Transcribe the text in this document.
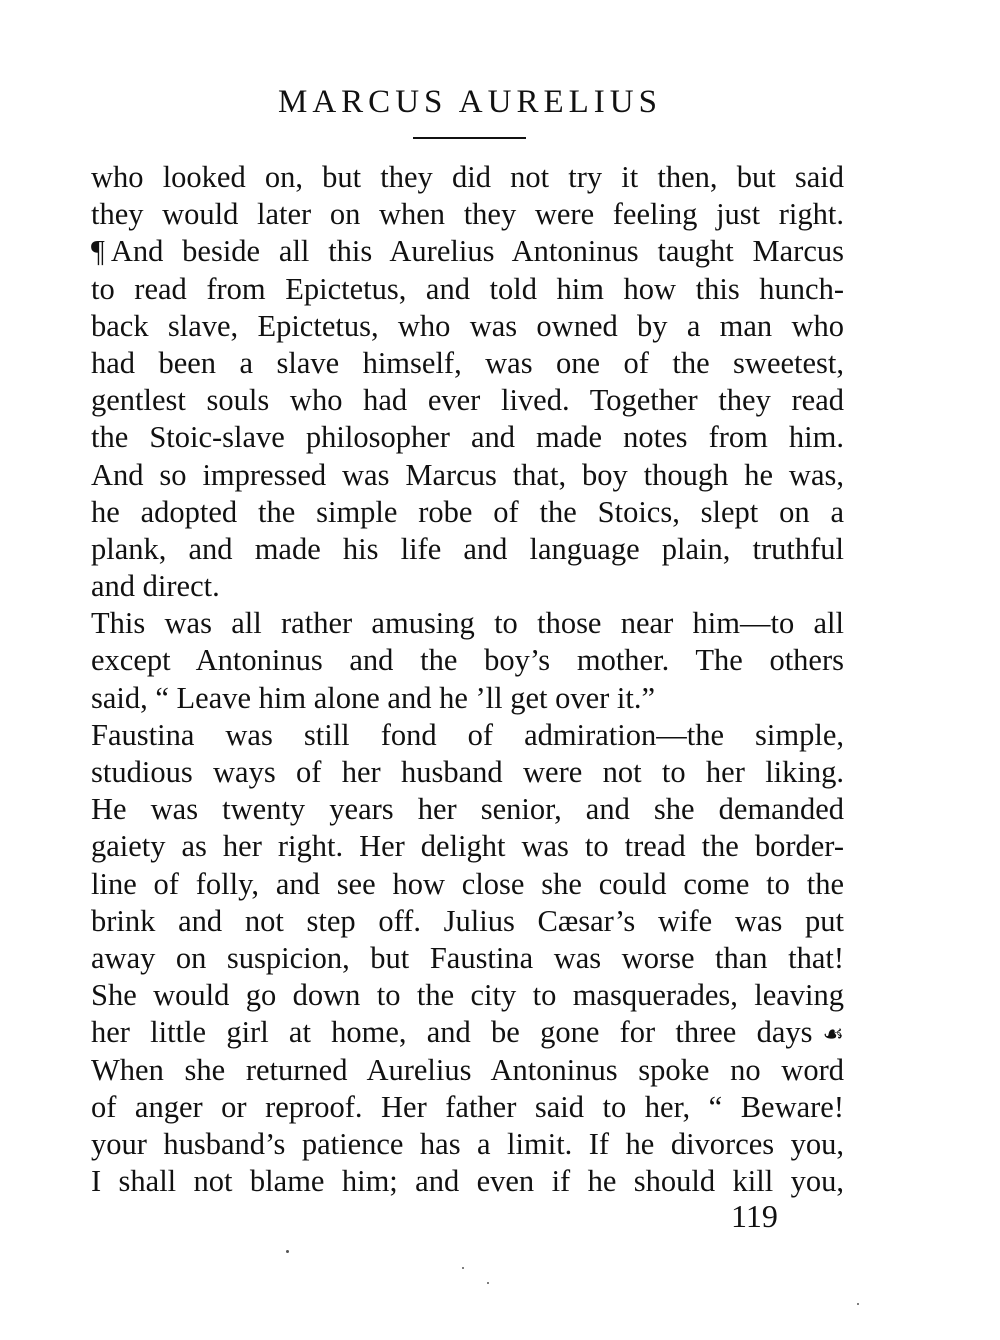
MARCUS AURELIUS
who looked on, but they did not try it then, but said
they would later on when they were feeling just right.
¶ And beside all this Aurelius Antoninus taught Marcus
to read from Epictetus, and told him how this hunch-
back slave, Epictetus, who was owned by a man who
had been a slave himself, was one of the sweetest,
gentlest souls who had ever lived. Together they read
the Stoic-slave philosopher and made notes from him.
And so impressed was Marcus that, boy though he was,
he adopted the simple robe of the Stoics, slept on a
plank, and made his life and language plain, truthful
and direct.
This was all rather amusing to those near him—to all
except Antoninus and the boy’s mother. The others
said, “ Leave him alone and he ’ll get over it.”
Faustina was still fond of admiration—the simple,
studious ways of her husband were not to her liking.
He was twenty years her senior, and she demanded
gaiety as her right. Her delight was to tread the border-
line of folly, and see how close she could come to the
brink and not step off. Julius Cæsar’s wife was put
away on suspicion, but Faustina was worse than that!
She would go down to the city to masquerades, leaving
her little girl at home, and be gone for three days ☙
When she returned Aurelius Antoninus spoke no word
of anger or reproof. Her father said to her, “ Beware!
your husband’s patience has a limit. If he divorces you,
I shall not blame him; and even if he should kill you,
119
